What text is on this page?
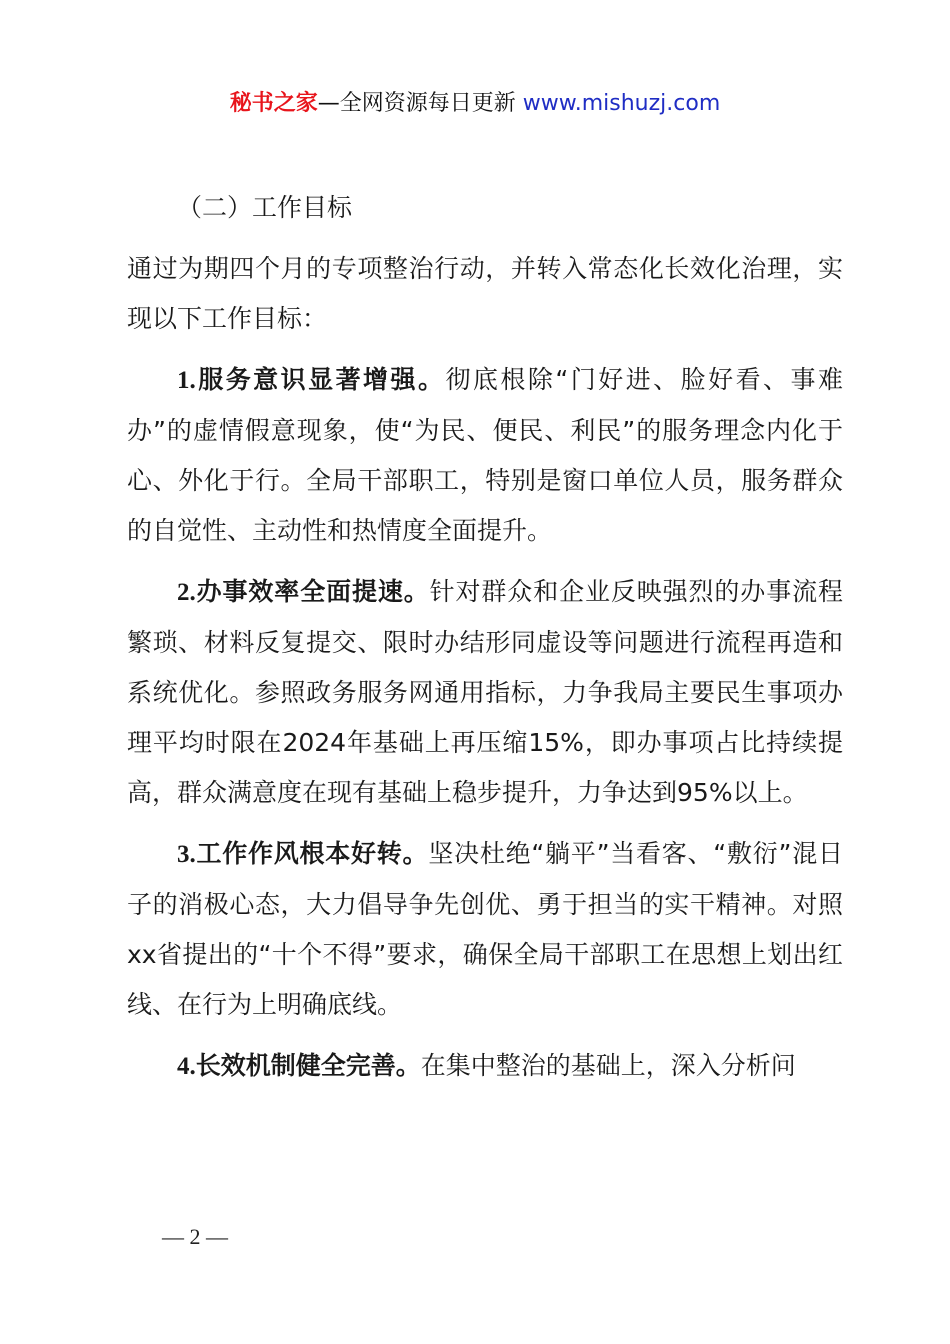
秘书之家—全网资源每日更新 www.mishuzj.com
（二）工作目标

通过为期四个月的专项整治行动，并转入常态化长效化治理，实现以下工作目标：

1.服务意识显著增强。彻底根除“门好进、脸好看、事难办”的虚情假意现象，使“为民、便民、利民”的服务理念内化于心、外化于行。全局干部职工，特别是窗口单位人员，服务群众的自觉性、主动性和热情度全面提升。

2.办事效率全面提速。针对群众和企业反映强烈的办事流程繁琐、材料反复提交、限时办结形同虚设等问题进行流程再造和系统优化。参照政务服务网通用指标，力争我局主要民生事项办理平均时限在2024年基础上再压缩15%，即办事项占比持续提高，群众满意度在现有基础上稳步提升，力争达到95%以上。

3.工作作风根本好转。坚决杜绝“躺平”当看客、“敷衍”混日子的消极心态，大力倡导争先创优、勇于担当的实干精神。对照xx省提出的“十个不得”要求，确保全局干部职工在思想上划出红线、在行为上明确底线。

4.长效机制健全完善。在集中整治的基础上，深入分析问

— 2 —
